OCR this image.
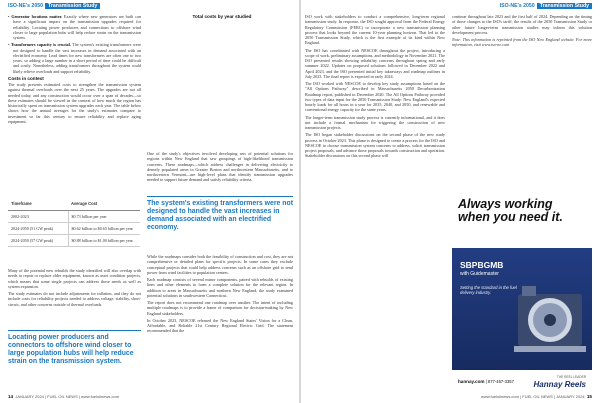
ISO-NE's 2050 Transmission Study	ISO-NE's 2050 Transmission Study

• Generator locations matter. Exactly where new generators are built can have a significant impact on the transmission upgrades required for reliability. Locating power producers and connections to offshore wind closer to large population hubs will help reduce strain on the transmission system.

• Transformers capacity is crucial. The system's existing transformers were not designed to handle the vast increases in demand associated with an electrified economy. Lead times for new transformers are often one to two years, so adding a large number in a short period of time could be difficult and costly. Nonetheless, adding transformers throughout the system could likely relieve overloads and support reliability.

Costs in context

The study presents estimated costs to strengthen the transmission system against thermal overloads over the next 25 years. The upgrades are not all needed today, and any construction would occur over a span of decades—so these estimates should be viewed in the context of how much the region has historically spent on transmission system upgrades each year. The table below shows how the annual averages for the study's estimates compare to investment so far this century to ensure reliability and replace aging equipment.

Timeframe	Average Cost
2002-2023	$0.73 billion per year
2024-2050 (51 GW peak)	$0.62 billion to $0.65 billion per year
2024-2050 (57 GW peak)	$0.88 billion to $1.00 billion per year

Many of the potential new rebuilds the study identified will also overlap with needs to repair or replace older equipment, known as asset condition projects, which means that some single projects can address those needs as well as system expansion.

The study estimates do not include adjustments for inflation, and they do not include costs for reliability projects needed to address voltage, stability, short-circuit, and other concerns outside of thermal overloads.

Locating power producers and connectors to offshore wind closer to large population hubs will help reduce strain on the transmission system.
Total costs by year studied

One of the study's objectives involved developing sets of potential solutions for regions within New England that saw groupings of high-likelihood transmission concerns. These roadmaps—which address challenges in delivering electricity to densely populated areas in Greater Boston and northwestern Massachusetts, and to northwestern Vermont—are high-level plans that identify transmission upgrades needed to support future demand and satisfy reliability criteria.

The system's existing transformers were not designed to handle the vast increases in demand associated with an electrified economy.

While the roadmaps consider both the feasibility of construction and cost, they are not comprehensive or detailed plans for specific projects. In some cases they exclude conceptual projects that could help address concerns such as an offshore grid to send power from wind facilities to population centers.

Each roadmap consists of several minor components, paired with rebuilds of existing lines and other elements to form a complete solution for the relevant region. In addition to areas in Massachusetts and northern New England, the study examined potential solutions in southwestern Connecticut.

The report does not recommend one roadmap over another. The intent of including multiple roadmaps is to provide a frame of comparison for decision-making by New England stakeholders.

In October 2023, NESCOE released the New England States' Vision for a Clean, Affordable, and Reliable 21st Century Regional Electric Grid. The statement recommended that the

ISO work with stakeholders to conduct a comprehensive, long-term regional transmission study. In response, the ISO sought approval from the Federal Energy Regulatory Commission (FERC) to incorporate a new transmission planning process that looks beyond the current 10-year planning horizon. That led to the 2050 Transmission Study, which is the first example of its kind within New England.

The ISO has coordinated with NESCOE throughout the project, introducing a scope of work, preliminary assumptions, and methodology in November 2021. The ISO presented results showing reliability concerns throughout spring and early summer 2022. Updates on proposed solutions followed in December 2022 and April 2023, and the ISO presented initial key takeaways and roadmap outlines in July 2023. The final report is expected in early 2024.

The ISO worked with NESCOE to develop key study assumptions based on the "All Options Pathway" described in Massachusetts 2050 Decarbonization Roadmap report, published in December 2020. The All Options Pathway provided two types of data input for the 2050 Transmission Study: New England's expected hourly loads for all hours in a year for 2035, 2040, and 2050, and renewable and conventional energy capacity for the same years.

The longer-term transmission study process is currently informational, and it does not include a formal mechanism for triggering the construction of new transmission projects.

The ISO began stakeholder discussions on the second phase of the new study process in October 2023. This phase is designed to create a process for the ISO and NESCOE to choose transmission system concerns to address, solicit transmission project proposals, and advance those proposals towards construction and operation. Stakeholder discussions on this second phase will

continue throughout late 2023 and the first half of 2024. Depending on the timing of those changes to the ISO's tariff, the results of the 2050 Transmission Study or other future longer-term transmission studies may inform this solution development process.

Note: This information is reprinted from the ISO New England website. For more information, visit www.iso-ne.com

Always working when you need it.
SBPBGMB
with Guidemaster
Setting the standard in the fuel delivery industry.
hannay.com | 877-467-3357
THE REEL LEADER
Hannay Reels
14 JANUARY 2024 | FUEL OIL NEWS | www.fueloilnews.com	www.fueloilnews.com | FUEL OIL NEWS | JANUARY 2024 15
